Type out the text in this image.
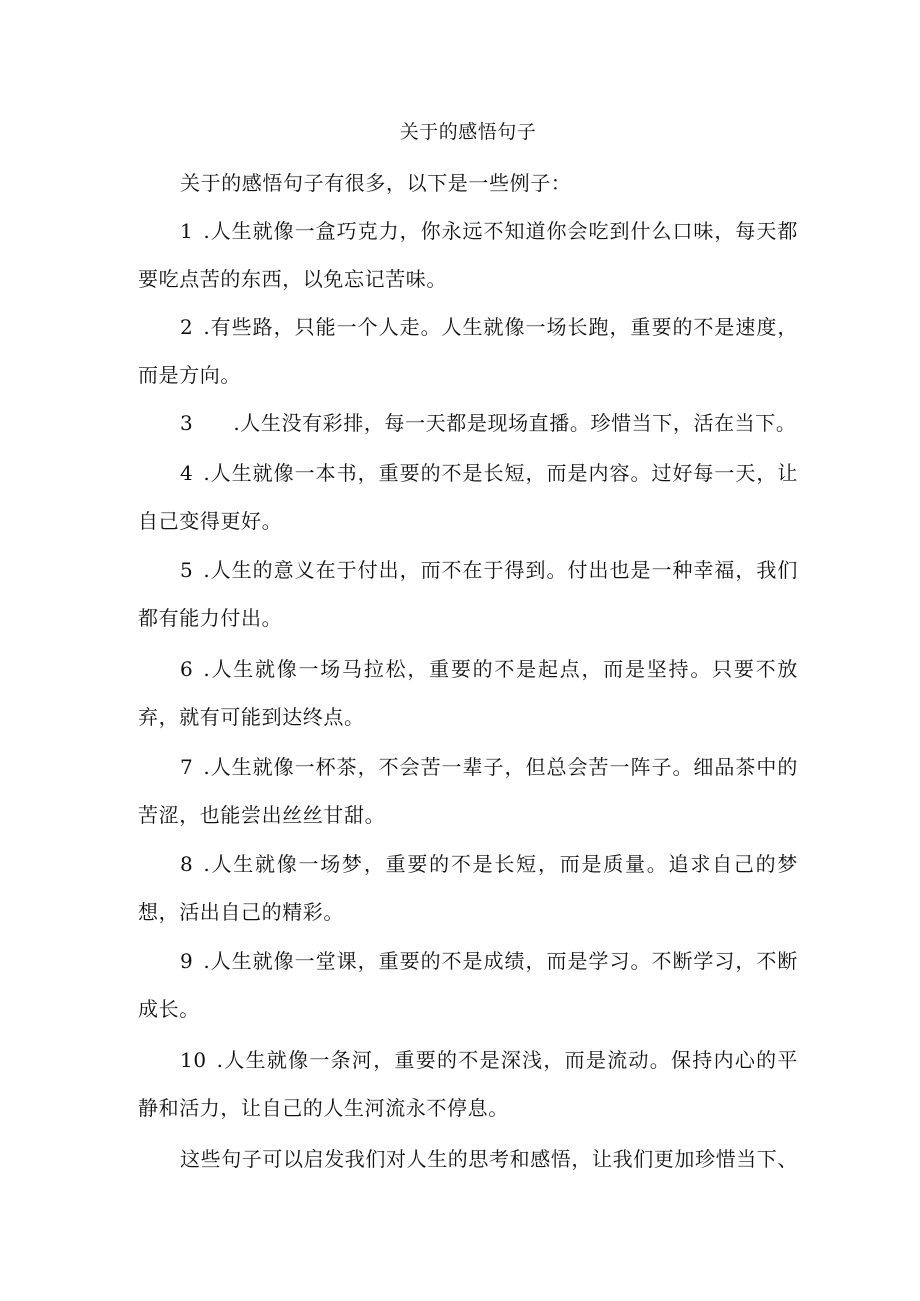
关于的感悟句子
关于的感悟句子有很多，以下是一些例子：
1 .人生就像一盒巧克力，你永远不知道你会吃到什么口味，每天都要吃点苦的东西，以免忘记苦味。
2 .有些路，只能一个人走。人生就像一场长跑，重要的不是速度，而是方向。
3 .人生没有彩排，每一天都是现场直播。珍惜当下，活在当下。
4 .人生就像一本书，重要的不是长短，而是内容。过好每一天，让自己变得更好。
5 .人生的意义在于付出，而不在于得到。付出也是一种幸福，我们都有能力付出。
6 .人生就像一场马拉松，重要的不是起点，而是坚持。只要不放弃，就有可能到达终点。
7 .人生就像一杯茶，不会苦一辈子，但总会苦一阵子。细品茶中的苦涩，也能尝出丝丝甘甜。
8 .人生就像一场梦，重要的不是长短，而是质量。追求自己的梦想，活出自己的精彩。
9 .人生就像一堂课，重要的不是成绩，而是学习。不断学习，不断成长。
10 .人生就像一条河，重要的不是深浅，而是流动。保持内心的平静和活力，让自己的人生河流永不停息。
这些句子可以启发我们对人生的思考和感悟，让我们更加珍惜当下、
